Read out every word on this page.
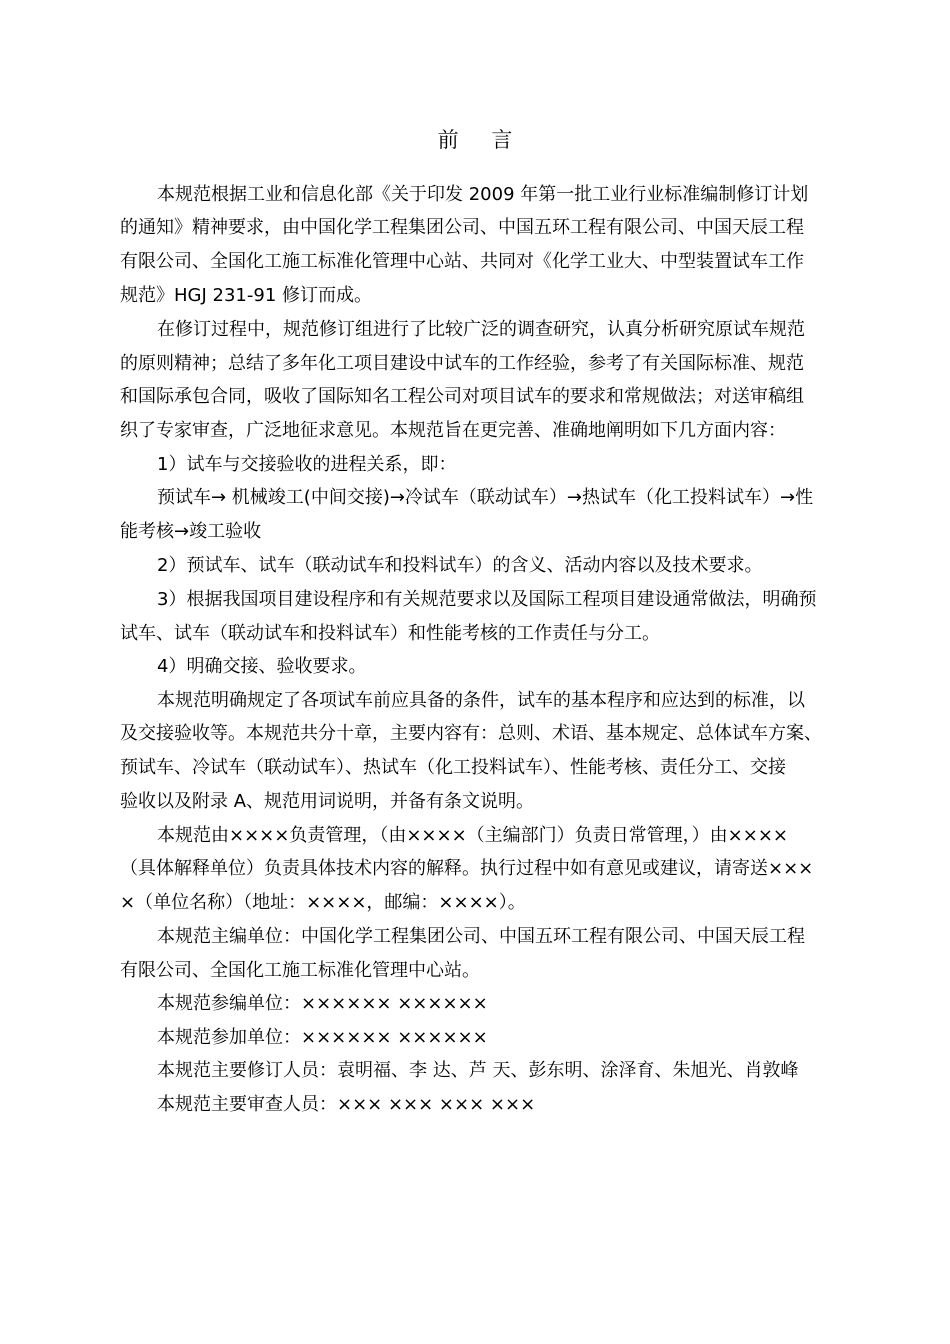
前 言
本规范根据工业和信息化部《关于印发 2009 年第一批工业行业标准编制修订计划
的通知》精神要求，由中国化学工程集团公司、中国五环工程有限公司、中国天辰工程
有限公司、全国化工施工标准化管理中心站、共同对《化学工业大、中型装置试车工作
规范》HGJ 231-91 修订而成。
在修订过程中，规范修订组进行了比较广泛的调查研究，认真分析研究原试车规范
的原则精神；总结了多年化工项目建设中试车的工作经验，参考了有关国际标准、规范
和国际承包合同，吸收了国际知名工程公司对项目试车的要求和常规做法；对送审稿组
织了专家审查，广泛地征求意见。本规范旨在更完善、准确地阐明如下几方面内容：
1）试车与交接验收的进程关系，即：
预试车→ 机械竣工(中间交接)→冷试车（联动试车）→热试车（化工投料试车）→性
能考核→竣工验收
2）预试车、试车（联动试车和投料试车）的含义、活动内容以及技术要求。
3）根据我国项目建设程序和有关规范要求以及国际工程项目建设通常做法，明确预
试车、试车（联动试车和投料试车）和性能考核的工作责任与分工。
4）明确交接、验收要求。
本规范明确规定了各项试车前应具备的条件，试车的基本程序和应达到的标准，以
及交接验收等。本规范共分十章，主要内容有：总则、术语、基本规定、总体试车方案、
预试车、冷试车（联动试车）、热试车（化工投料试车）、性能考核、责任分工、交接
验收以及附录 A、规范用词说明，并备有条文说明。
本规范由××××负责管理，（由××××（主编部门）负责日常管理，）由××××
（具体解释单位）负责具体技术内容的解释。执行过程中如有意见或建议，请寄送×××
×（单位名称）（地址：××××，邮编：××××）。
本规范主编单位：中国化学工程集团公司、中国五环工程有限公司、中国天辰工程
有限公司、全国化工施工标准化管理中心站。
本规范参编单位：×××××× ××××××
本规范参加单位：×××××× ××××××
本规范主要修订人员：袁明福、李 达、芦 天、彭东明、涂泽育、朱旭光、肖敦峰
本规范主要审查人员：××× ××× ××× ×××
